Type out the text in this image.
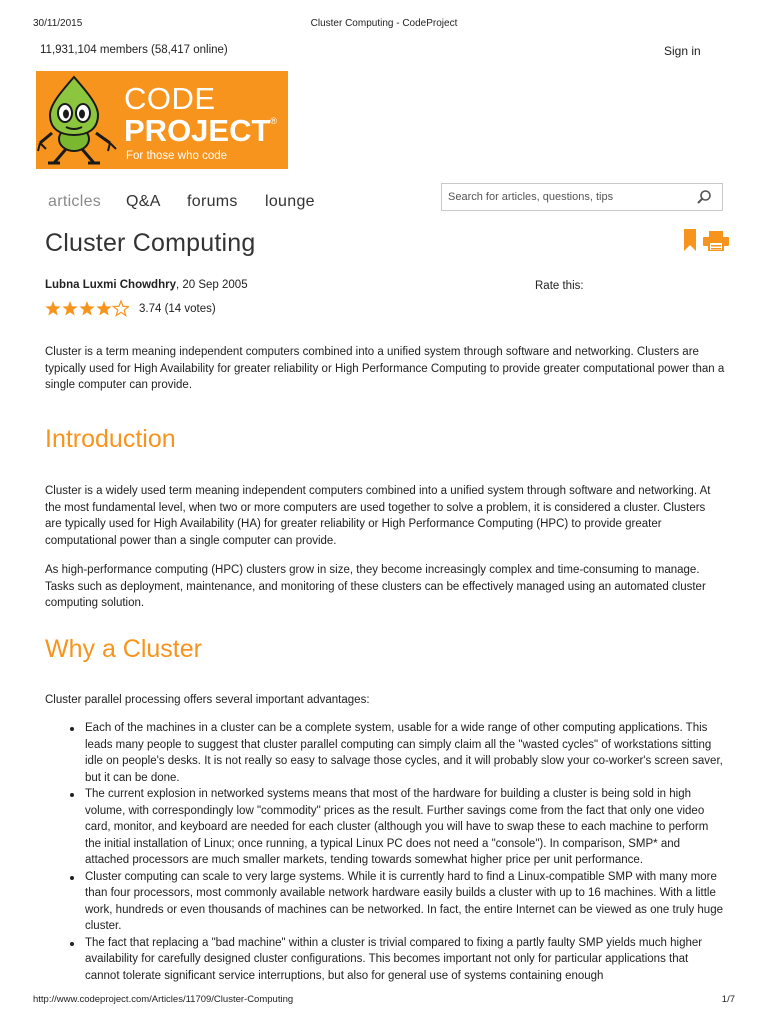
30/11/2015	Cluster Computing - CodeProject
11,931,104 members (58,417 online)	Sign in
CODE
PROJECT®
For those who code
articles Q&A forums lounge
Search for articles, questions, tips
Cluster Computing
Lubna Luxmi Chowdhry, 20 Sep 2005	Rate this:
3.74 (14 votes)

Cluster is a term meaning independent computers combined into a unified system through software and networking. Clusters are typically used for High Availability for greater reliability or High Performance Computing to provide greater computational power than a single computer can provide.

Introduction

Cluster is a widely used term meaning independent computers combined into a unified system through software and networking. At the most fundamental level, when two or more computers are used together to solve a problem, it is considered a cluster. Clusters are typically used for High Availability (HA) for greater reliability or High Performance Computing (HPC) to provide greater computational power than a single computer can provide.

As high-performance computing (HPC) clusters grow in size, they become increasingly complex and time-consuming to manage. Tasks such as deployment, maintenance, and monitoring of these clusters can be effectively managed using an automated cluster computing solution.

Why a Cluster

Cluster parallel processing offers several important advantages:

Each of the machines in a cluster can be a complete system, usable for a wide range of other computing applications. This leads many people to suggest that cluster parallel computing can simply claim all the "wasted cycles" of workstations sitting idle on people's desks. It is not really so easy to salvage those cycles, and it will probably slow your co-worker's screen saver, but it can be done.
The current explosion in networked systems means that most of the hardware for building a cluster is being sold in high volume, with correspondingly low "commodity" prices as the result. Further savings come from the fact that only one video card, monitor, and keyboard are needed for each cluster (although you will have to swap these to each machine to perform the initial installation of Linux; once running, a typical Linux PC does not need a "console"). In comparison, SMP* and attached processors are much smaller markets, tending towards somewhat higher price per unit performance.
Cluster computing can scale to very large systems. While it is currently hard to find a Linux-compatible SMP with many more than four processors, most commonly available network hardware easily builds a cluster with up to 16 machines. With a little work, hundreds or even thousands of machines can be networked. In fact, the entire Internet can be viewed as one truly huge cluster.
The fact that replacing a "bad machine" within a cluster is trivial compared to fixing a partly faulty SMP yields much higher availability for carefully designed cluster configurations. This becomes important not only for particular applications that cannot tolerate significant service interruptions, but also for general use of systems containing enough
http://www.codeproject.com/Articles/11709/Cluster-Computing	1/7
